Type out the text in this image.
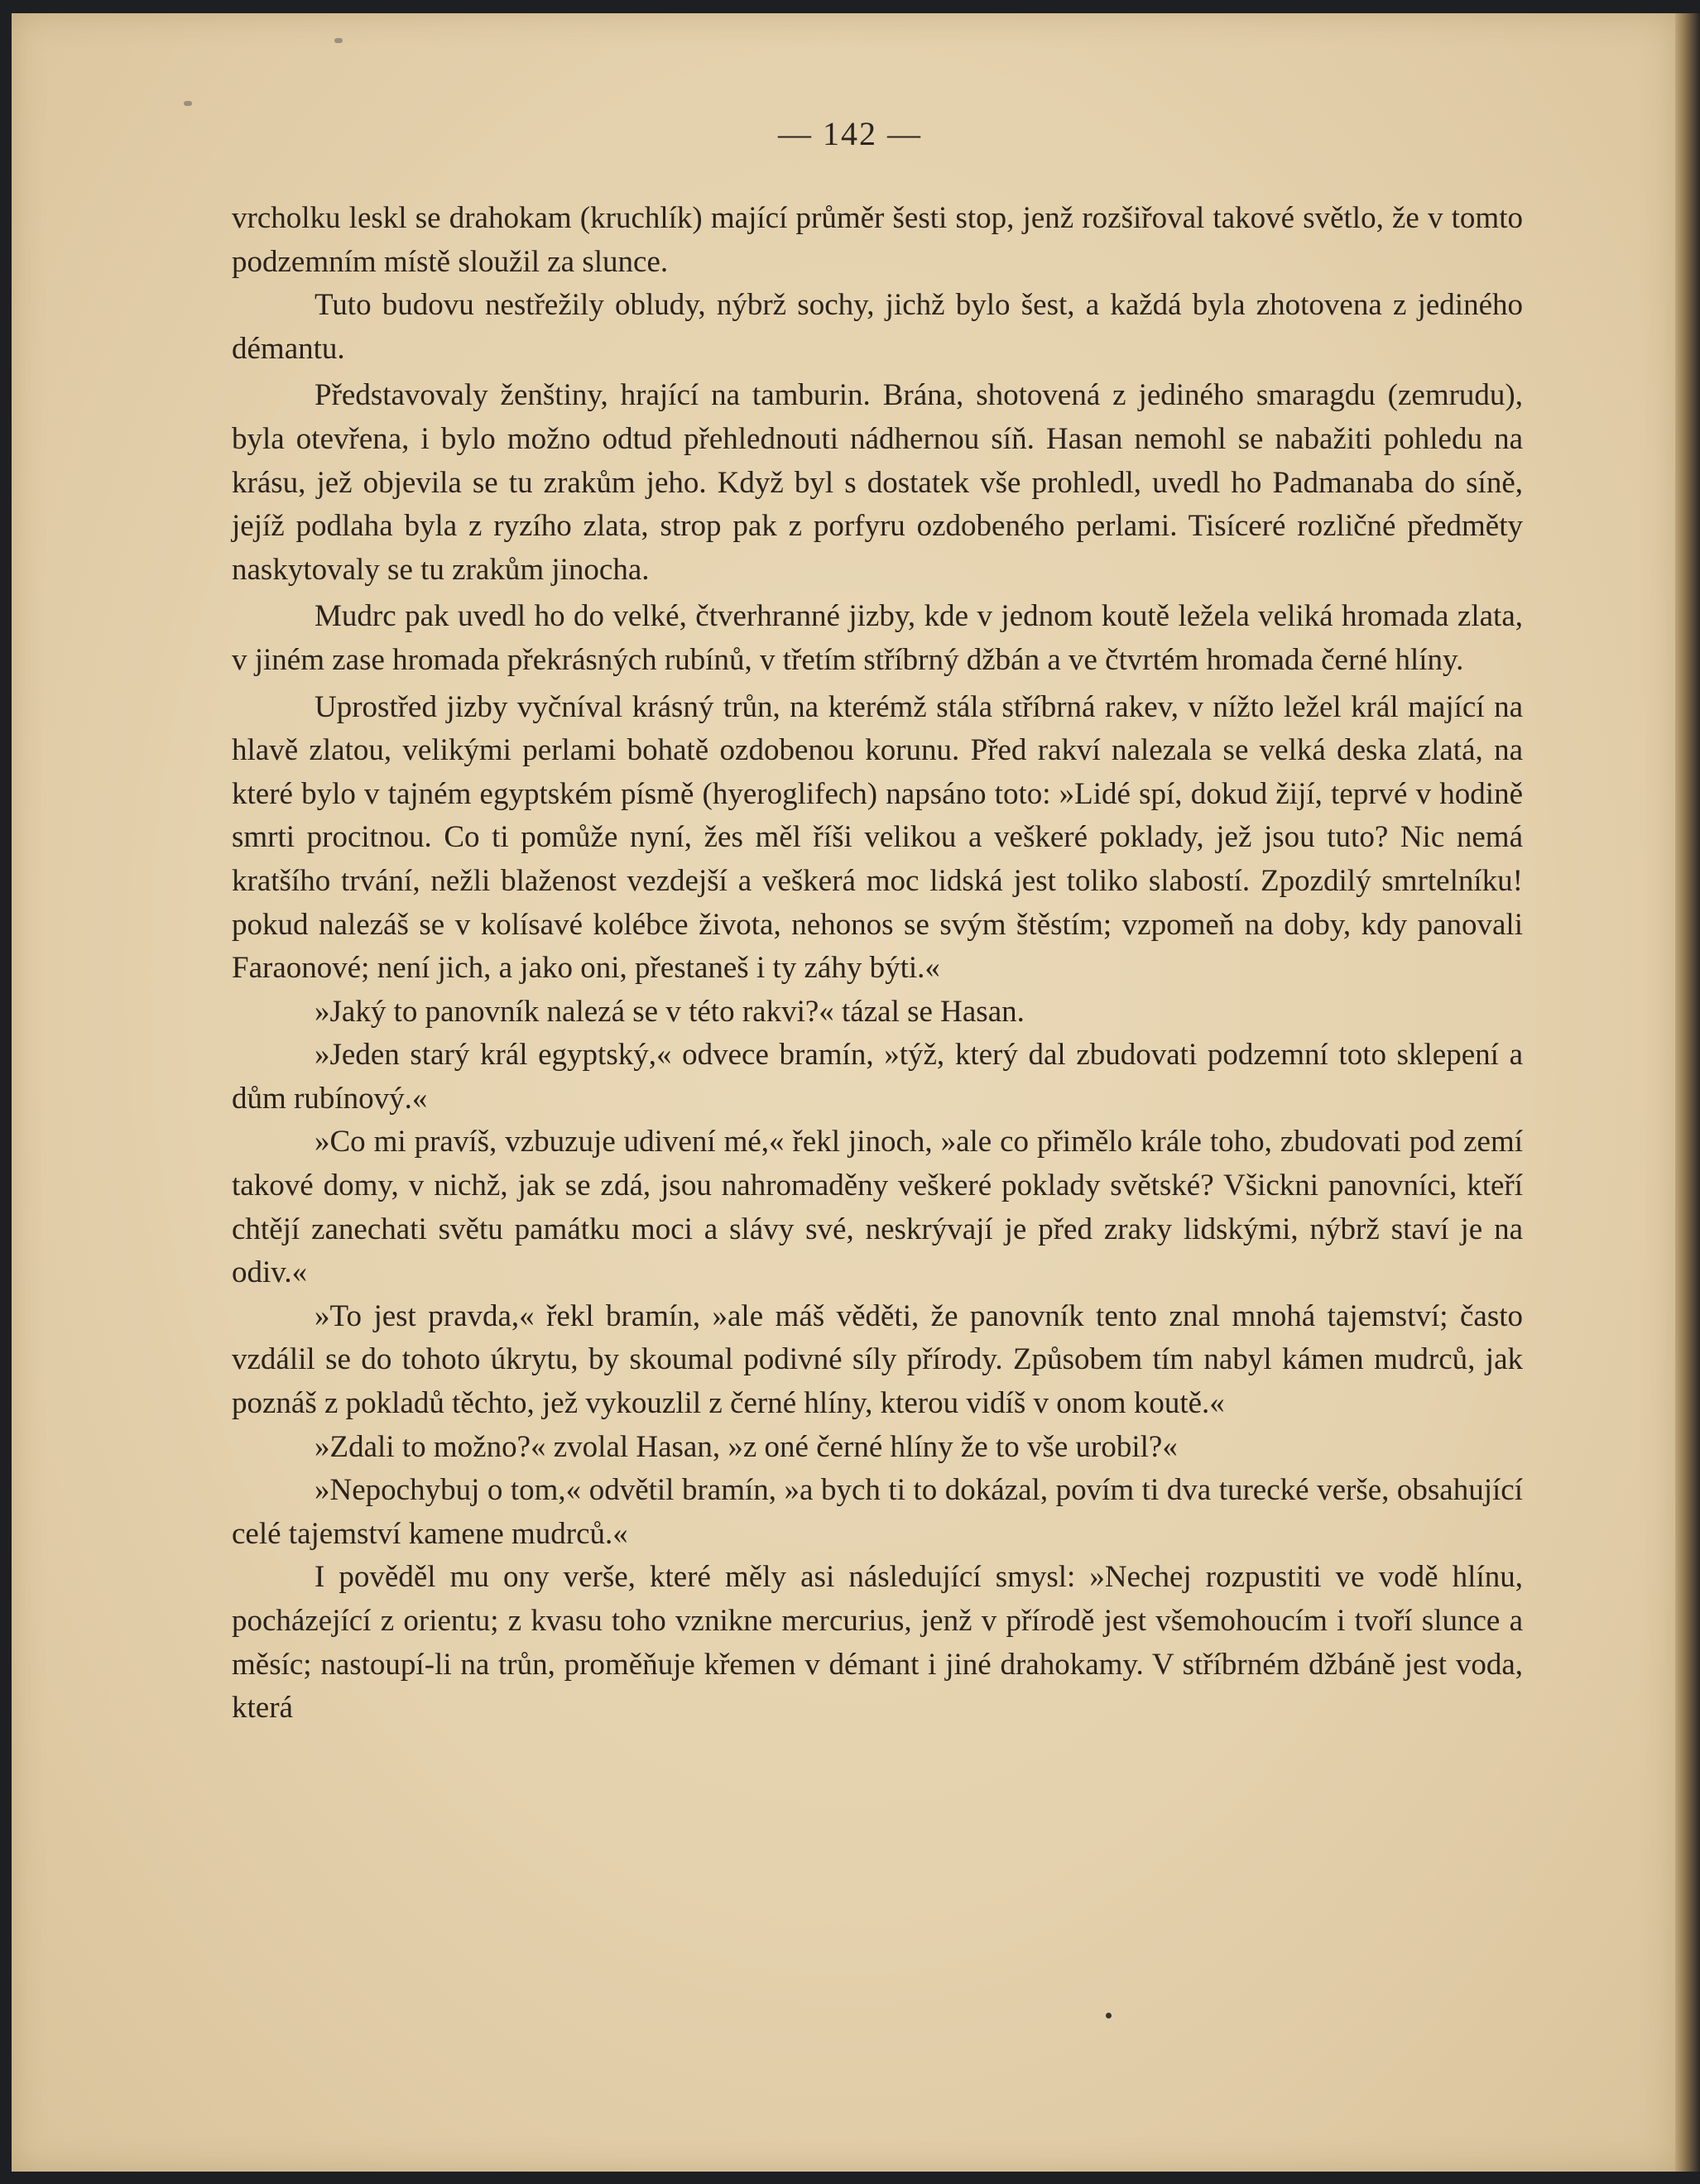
— 142 —

vrcholku leskl se drahokam (kruchlík) mající průměr šesti stop, jenž rozšiřoval takové světlo, že v tomto podzemním místě sloužil za slunce.

Tuto budovu nestřežily obludy, nýbrž sochy, jichž bylo šest, a každá byla zhotovena z jediného démantu.

Představovaly ženštiny, hrající na tamburin. Brána, shotovená z jediného smaragdu (zemrudu), byla otevřena, i bylo možno odtud přehlednouti nádhernou síň. Hasan nemohl se nabažiti pohledu na krásu, jež objevila se tu zrakům jeho. Když byl s dostatek vše prohledl, uvedl ho Padmanaba do síně, jejíž podlaha byla z ryzího zlata, strop pak z porfyru ozdobeného perlami. Tisíceré rozličné předměty naskytovaly se tu zrakům jinocha.

Mudrc pak uvedl ho do velké, čtverhranné jizby, kde v jednom koutě ležela veliká hromada zlata, v jiném zase hromada překrásných rubínů, v třetím stříbrný džbán a ve čtvrtém hromada černé hlíny.

Uprostřed jizby vyčníval krásný trůn, na kterémž stála stříbrná rakev, v nížto ležel král mající na hlavě zlatou, velikými perlami bohatě ozdobenou korunu. Před rakví nalezala se velká deska zlatá, na které bylo v tajném egyptském písmě (hyeroglifech) napsáno toto: »Lidé spí, dokud žijí, teprvé v hodině smrti procitnou. Co ti pomůže nyní, žes měl říši velikou a veškeré poklady, jež jsou tuto? Nic nemá kratšího trvání, nežli blaženost vezdejší a veškerá moc lidská jest toliko slabostí. Zpozdilý smrtelníku! pokud nalezáš se v kolísavé kolébce života, nehonos se svým štěstím; vzpomeň na doby, kdy panovali Faraonové; není jich, a jako oni, přestaneš i ty záhy býti.«

»Jaký to panovník nalezá se v této rakvi?« tázal se Hasan.

»Jeden starý král egyptský,« odvece bramín, »týž, který dal zbudovati podzemní toto sklepení a dům rubínový.«

»Co mi pravíš, vzbuzuje udivení mé,« řekl jinoch, »ale co přimělo krále toho, zbudovati pod zemí takové domy, v nichž, jak se zdá, jsou nahromaděny veškeré poklady světské? Všickni panovníci, kteří chtějí zanechati světu památku moci a slávy své, neskrývají je před zraky lidskými, nýbrž staví je na odiv.«

»To jest pravda,« řekl bramín, »ale máš věděti, že panovník tento znal mnohá tajemství; často vzdálil se do tohoto úkrytu, by skoumal podivné síly přírody. Způsobem tím nabyl kámen mudrců, jak poznáš z pokladů těchto, jež vykouzlil z černé hlíny, kterou vidíš v onom koutě.«

»Zdali to možno?« zvolal Hasan, »z oné černé hlíny že to vše urobil?«

»Nepochybuj o tom,« odvětil bramín, »a bych ti to dokázal, povím ti dva turecké verše, obsahující celé tajemství kamene mudrců.«

I pověděl mu ony verše, které měly asi následující smysl: »Nechej rozpustiti ve vodě hlínu, pocházející z orientu; z kvasu toho vznikne mercurius, jenž v přírodě jest všemohoucím i tvoří slunce a měsíc; nastoupí-li na trůn, proměňuje křemen v démant i jiné drahokamy. V stříbrném džbáně jest voda, která
